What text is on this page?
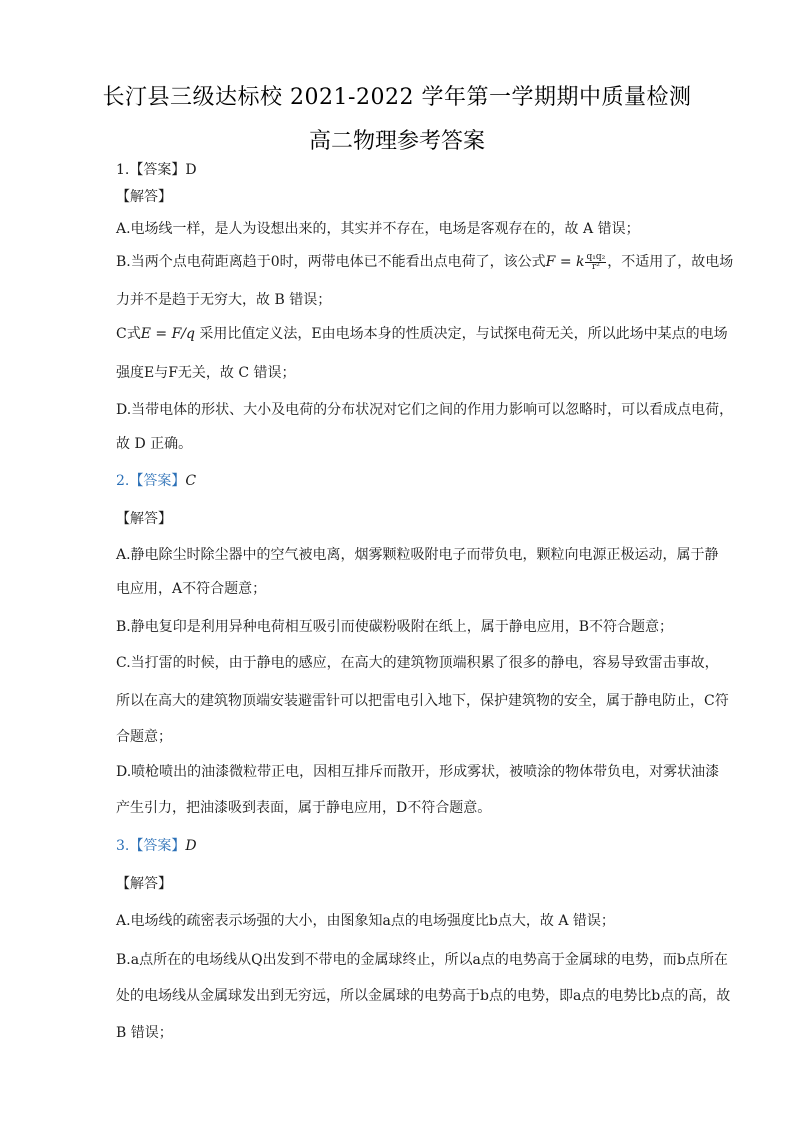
长汀县三级达标校 2021-2022 学年第一学期期中质量检测
高二物理参考答案
1.【答案】D
【解答】
A.电场线一样，是人为设想出来的，其实并不存在，电场是客观存在的，故 A 错误；
B.当两个点电荷距离趋于0时，两带电体已不能看出点电荷了，该公式F = k $\frac{\text{q₁q₂}}{\text{r²}}$ ，不适用了，故电场
力并不是趋于无穷大，故 B 错误；
C式E = F/q 采用比值定义法，E由电场本身的性质决定，与试探电荷无关，所以此场中某点的电场
强度E与F无关，故 C 错误；
D.当带电体的形状、大小及电荷的分布状况对它们之间的作用力影响可以忽略时，可以看成点电荷，
故 D 正确。
2.【答案】C
【解答】
A.静电除尘时除尘器中的空气被电离，烟雾颗粒吸附电子而带负电，颗粒向电源正极运动，属于静
电应用，A不符合题意；
B.静电复印是利用异种电荷相互吸引而使碳粉吸附在纸上，属于静电应用，B不符合题意；
C.当打雷的时候，由于静电的感应，在高大的建筑物顶端积累了很多的静电，容易导致雷击事故，
所以在高大的建筑物顶端安装避雷针可以把雷电引入地下，保护建筑物的安全，属于静电防止，C符
合题意；
D.喷枪喷出的油漆微粒带正电，因相互排斥而散开，形成雾状，被喷涂的物体带负电，对雾状油漆
产生引力，把油漆吸到表面，属于静电应用，D不符合题意。
3.【答案】D
【解答】
A.电场线的疏密表示场强的大小，由图象知a点的电场强度比b点大，故 A 错误；
B.a点所在的电场线从Q出发到不带电的金属球终止，所以a点的电势高于金属球的电势，而b点所在
处的电场线从金属球发出到无穷远，所以金属球的电势高于b点的电势，即a点的电势比b点的高，故
B 错误；
